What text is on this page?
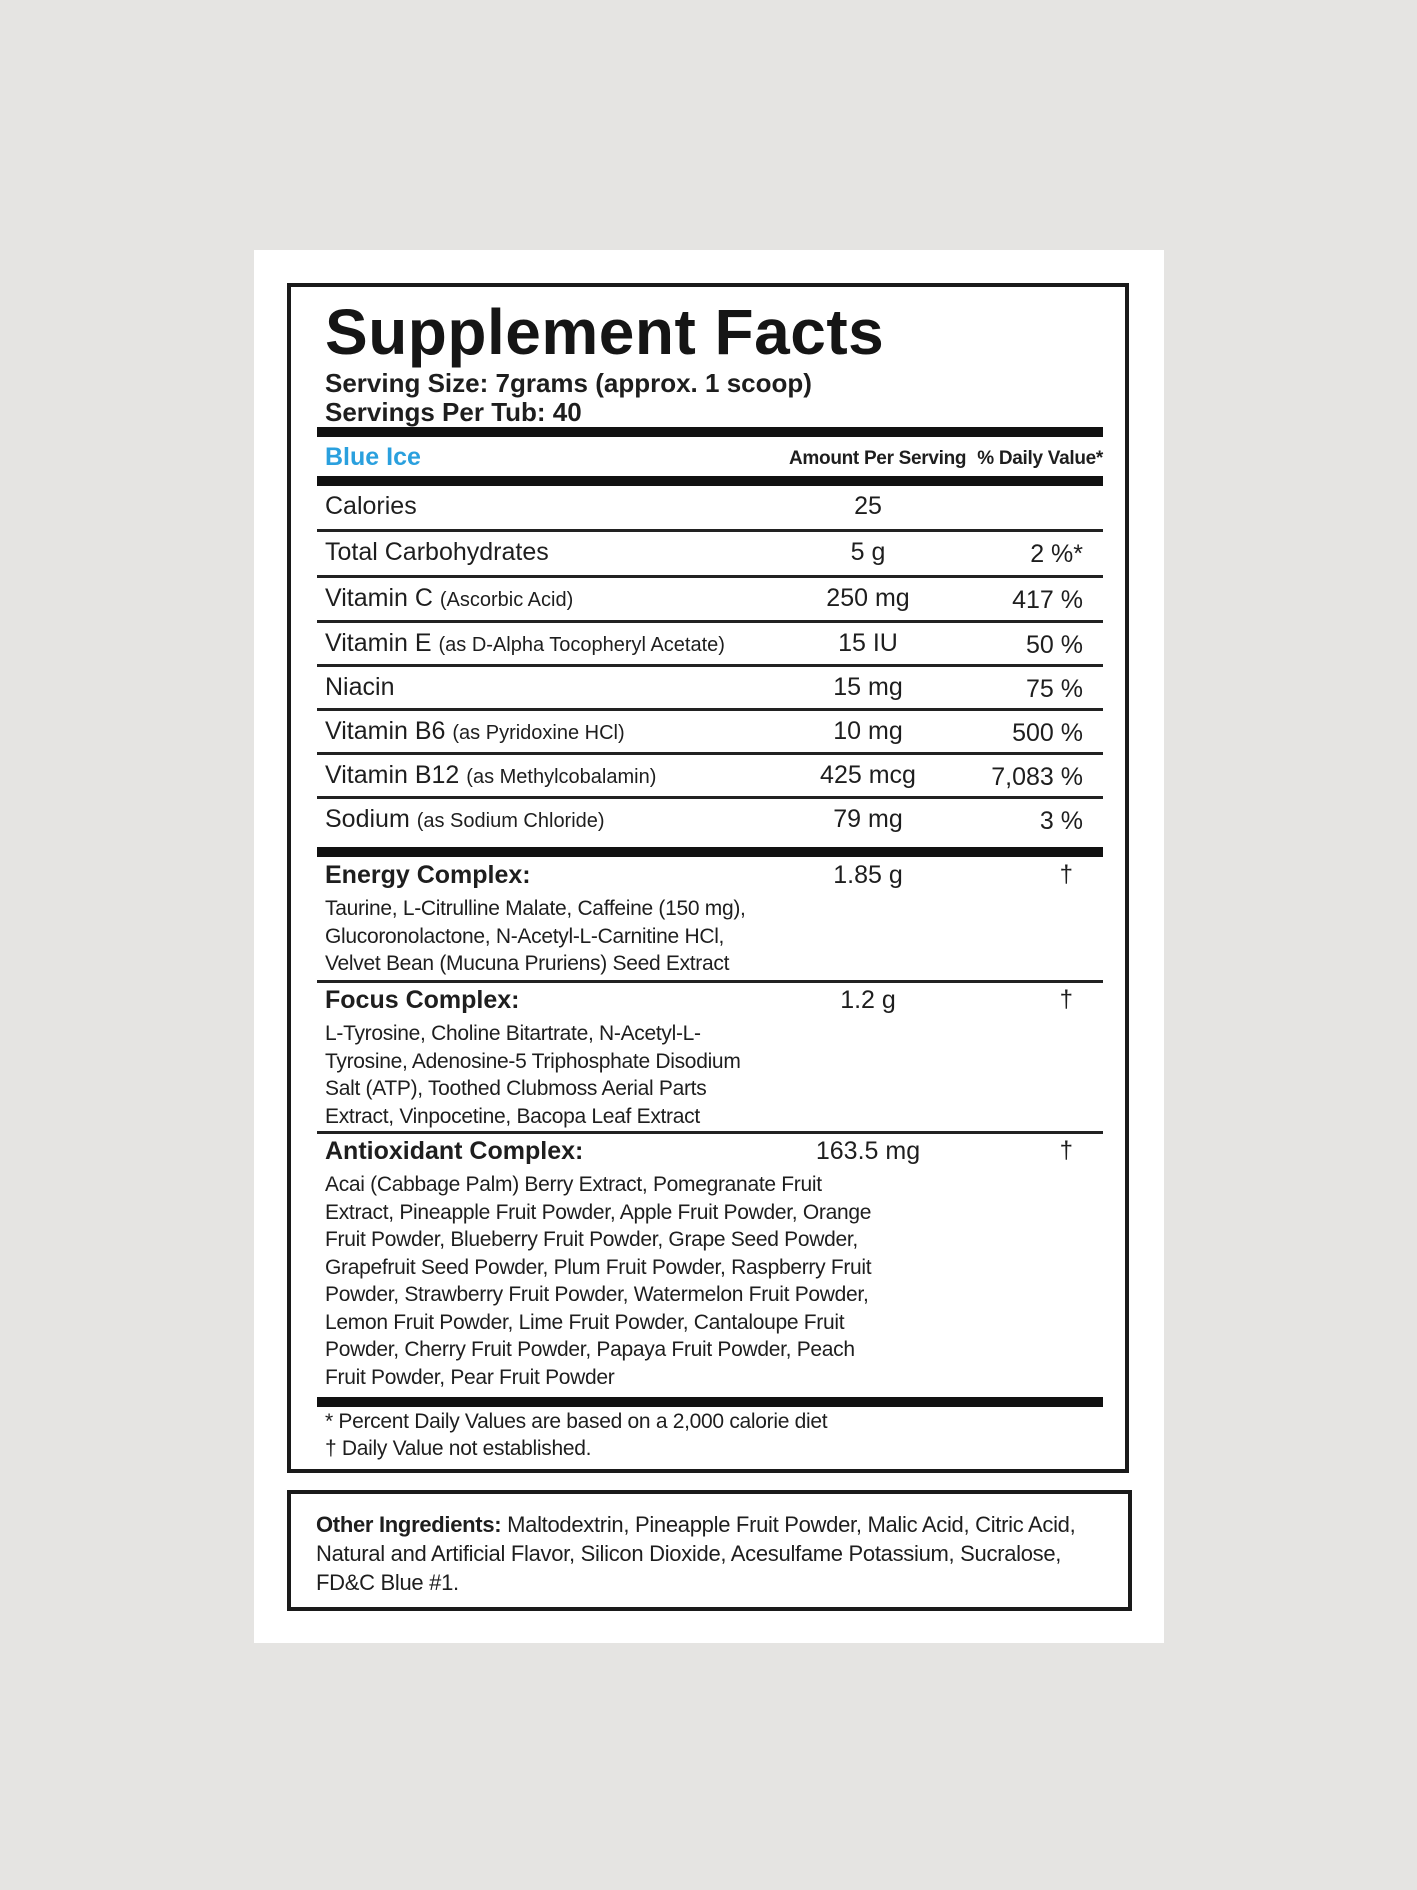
Supplement Facts
Serving Size: 7grams (approx. 1 scoop)
Servings Per Tub: 40
Blue Ice	Amount Per Serving % Daily Value*
Calories	25
Total Carbohydrates	5 g	2 %*
Vitamin C (Ascorbic Acid)	250 mg	417 %
Vitamin E (as D-Alpha Tocopheryl Acetate)	15 IU	50 %
Niacin	15 mg	75 %
Vitamin B6 (as Pyridoxine HCl)	10 mg	500 %
Vitamin B12 (as Methylcobalamin)	425 mcg	7,083 %
Sodium (as Sodium Chloride)	79 mg	3 %
Energy Complex:	1.85 g	†
Taurine, L-Citrulline Malate, Caffeine (150 mg),
Glucoronolactone, N-Acetyl-L-Carnitine HCl,
Velvet Bean (Mucuna Pruriens) Seed Extract
Focus Complex:	1.2 g	†
L-Tyrosine, Choline Bitartrate, N-Acetyl-L-
Tyrosine, Adenosine-5 Triphosphate Disodium
Salt (ATP), Toothed Clubmoss Aerial Parts
Extract, Vinpocetine, Bacopa Leaf Extract
Antioxidant Complex:	163.5 mg	†
Acai (Cabbage Palm) Berry Extract, Pomegranate Fruit
Extract, Pineapple Fruit Powder, Apple Fruit Powder, Orange
Fruit Powder, Blueberry Fruit Powder, Grape Seed Powder,
Grapefruit Seed Powder, Plum Fruit Powder, Raspberry Fruit
Powder, Strawberry Fruit Powder, Watermelon Fruit Powder,
Lemon Fruit Powder, Lime Fruit Powder, Cantaloupe Fruit
Powder, Cherry Fruit Powder, Papaya Fruit Powder, Peach
Fruit Powder, Pear Fruit Powder
* Percent Daily Values are based on a 2,000 calorie diet
† Daily Value not established.
Other Ingredients: Maltodextrin, Pineapple Fruit Powder, Malic Acid, Citric Acid, Natural and Artificial Flavor, Silicon Dioxide, Acesulfame Potassium, Sucralose, FD&C Blue #1.
